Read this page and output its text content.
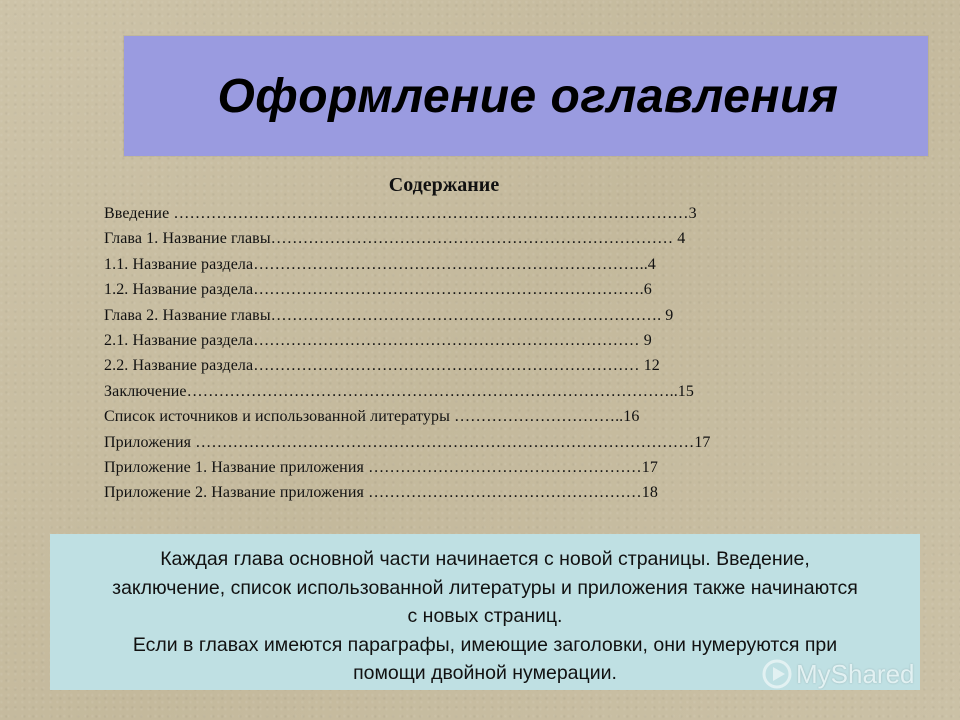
Оформление оглавления
Содержание
Введение ……………………………………………………………………………………3
Глава 1. Название главы………………………………………………………………… 4
1.1. Название раздела………………………………………………………………..4
1.2. Название раздела……………………………………………………………….6
Глава 2. Название главы………………………………………………………………. 9
2.1. Название раздела……………………………………………………………… 9
2.2. Название раздела……………………………………………………………… 12
Заключение………………………………………………………………………………..15
Список источников и использованной литературы …………………………..16
Приложения …………………………………………………………………………………17
Приложение 1. Название приложения ……………………………………………17
Приложение 2. Название приложения ……………………………………………18
Каждая глава основной части начинается с новой страницы. Введение,
заключение, список использованной литературы и приложения также начинаются
с новых страниц.
Если в главах имеются параграфы, имеющие заголовки, они нумеруются при
помощи двойной нумерации.	MyShared
